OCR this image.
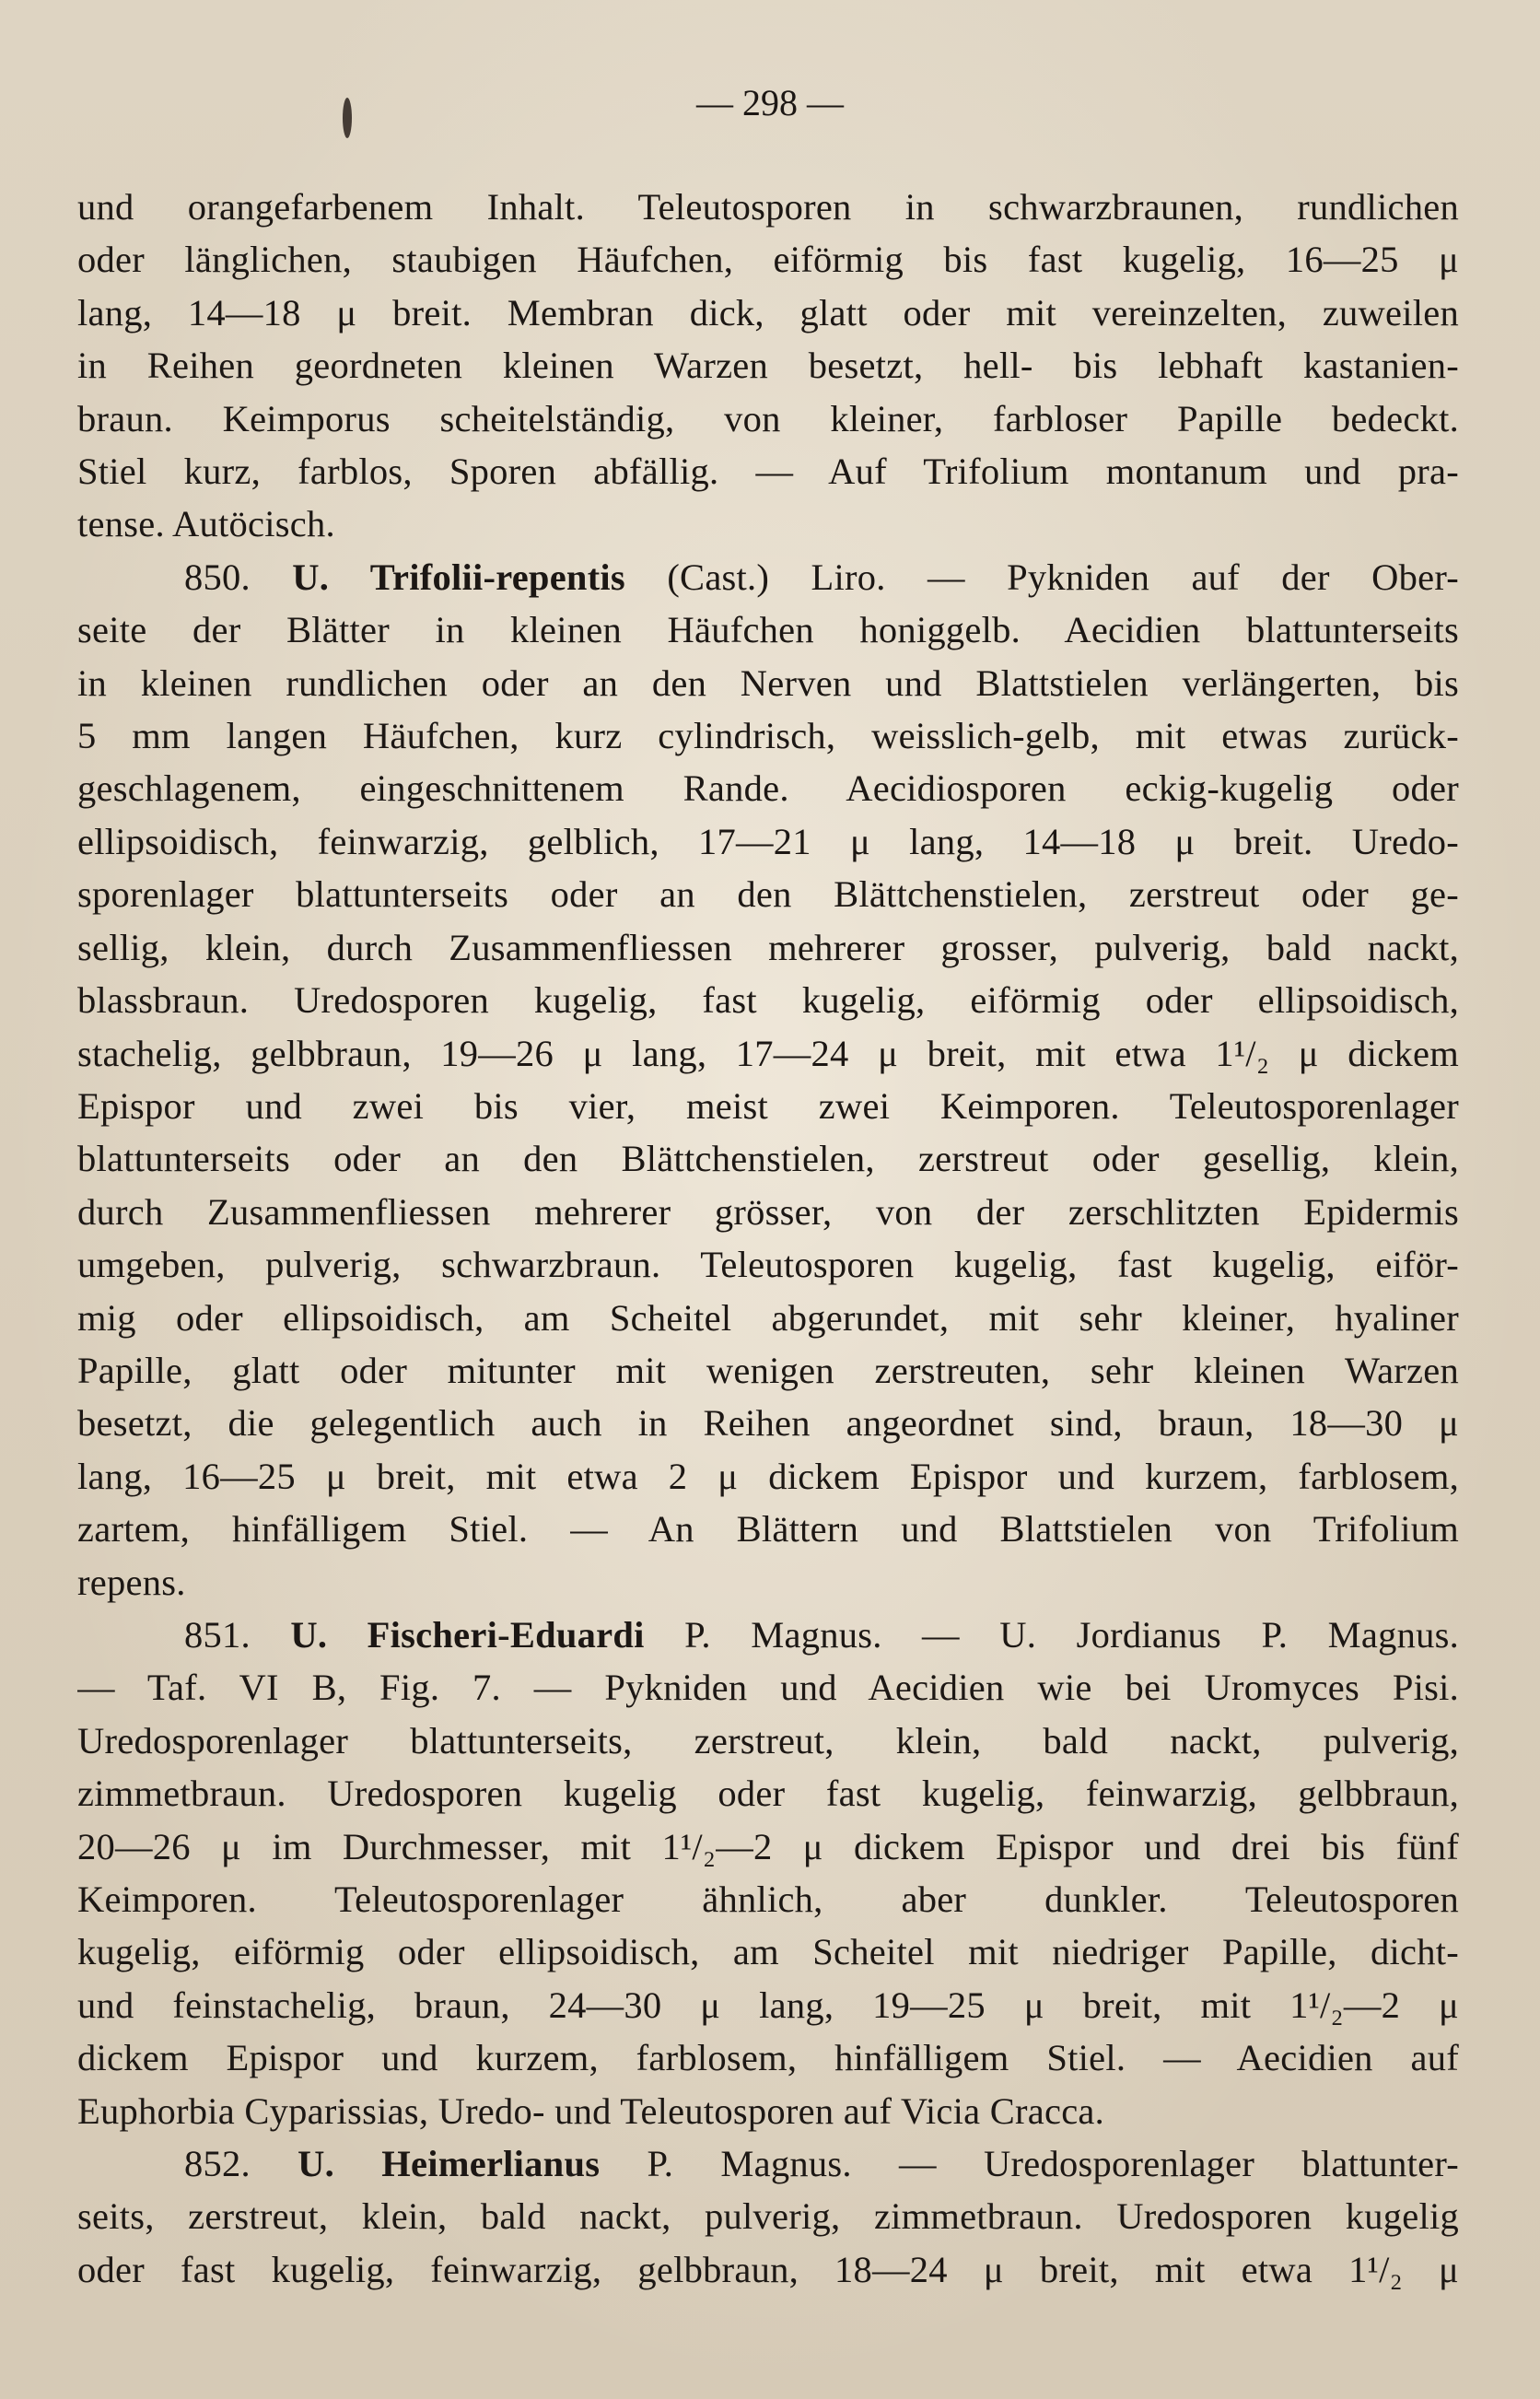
— 298 —
und orangefarbenem Inhalt. Teleutosporen in schwarzbraunen, rundlichen
oder länglichen, staubigen Häufchen, eiförmig bis fast kugelig, 16—25 μ
lang, 14—18 μ breit. Membran dick, glatt oder mit vereinzelten, zuweilen
in Reihen geordneten kleinen Warzen besetzt, hell- bis lebhaft kastanien-
braun. Keimporus scheitelständig, von kleiner, farbloser Papille bedeckt.
Stiel kurz, farblos, Sporen abfällig. — Auf Trifolium montanum und pra-
tense. Autöcisch.
850. U. Trifolii-repentis (Cast.) Liro. — Pykniden auf der Ober-
seite der Blätter in kleinen Häufchen honiggelb. Aecidien blattunterseits
in kleinen rundlichen oder an den Nerven und Blattstielen verlängerten, bis
5 mm langen Häufchen, kurz cylindrisch, weisslich-gelb, mit etwas zurück-
geschlagenem, eingeschnittenem Rande. Aecidiosporen eckig-kugelig oder
ellipsoidisch, feinwarzig, gelblich, 17—21 μ lang, 14—18 μ breit. Uredo-
sporenlager blattunterseits oder an den Blättchenstielen, zerstreut oder ge-
sellig, klein, durch Zusammenfliessen mehrerer grosser, pulverig, bald nackt,
blassbraun. Uredosporen kugelig, fast kugelig, eiförmig oder ellipsoidisch,
stachelig, gelbbraun, 19—26 μ lang, 17—24 μ breit, mit etwa 1¹/₂ μ dickem
Epispor und zwei bis vier, meist zwei Keimporen. Teleutosporenlager
blattunterseits oder an den Blättchenstielen, zerstreut oder gesellig, klein,
durch Zusammenfliessen mehrerer grösser, von der zerschlitzten Epidermis
umgeben, pulverig, schwarzbraun. Teleutosporen kugelig, fast kugelig, eiför-
mig oder ellipsoidisch, am Scheitel abgerundet, mit sehr kleiner, hyaliner
Papille, glatt oder mitunter mit wenigen zerstreuten, sehr kleinen Warzen
besetzt, die gelegentlich auch in Reihen angeordnet sind, braun, 18—30 μ
lang, 16—25 μ breit, mit etwa 2 μ dickem Epispor und kurzem, farblosem,
zartem, hinfälligem Stiel. — An Blättern und Blattstielen von Trifolium
repens.
851. U. Fischeri-Eduardi P. Magnus. — U. Jordianus P. Magnus.
— Taf. VI B, Fig. 7. — Pykniden und Aecidien wie bei Uromyces Pisi.
Uredosporenlager blattunterseits, zerstreut, klein, bald nackt, pulverig,
zimmetbraun. Uredosporen kugelig oder fast kugelig, feinwarzig, gelbbraun,
20—26 μ im Durchmesser, mit 1¹/₂—2 μ dickem Epispor und drei bis fünf
Keimporen. Teleutosporenlager ähnlich, aber dunkler. Teleutosporen
kugelig, eiförmig oder ellipsoidisch, am Scheitel mit niedriger Papille, dicht-
und feinstachelig, braun, 24—30 μ lang, 19—25 μ breit, mit 1¹/₂—2 μ
dickem Epispor und kurzem, farblosem, hinfälligem Stiel. — Aecidien auf
Euphorbia Cyparissias, Uredo- und Teleutosporen auf Vicia Cracca.
852. U. Heimerlianus P. Magnus. — Uredosporenlager blattunter-
seits, zerstreut, klein, bald nackt, pulverig, zimmetbraun. Uredosporen kugelig
oder fast kugelig, feinwarzig, gelbbraun, 18—24 μ breit, mit etwa 1¹/₂ μ
